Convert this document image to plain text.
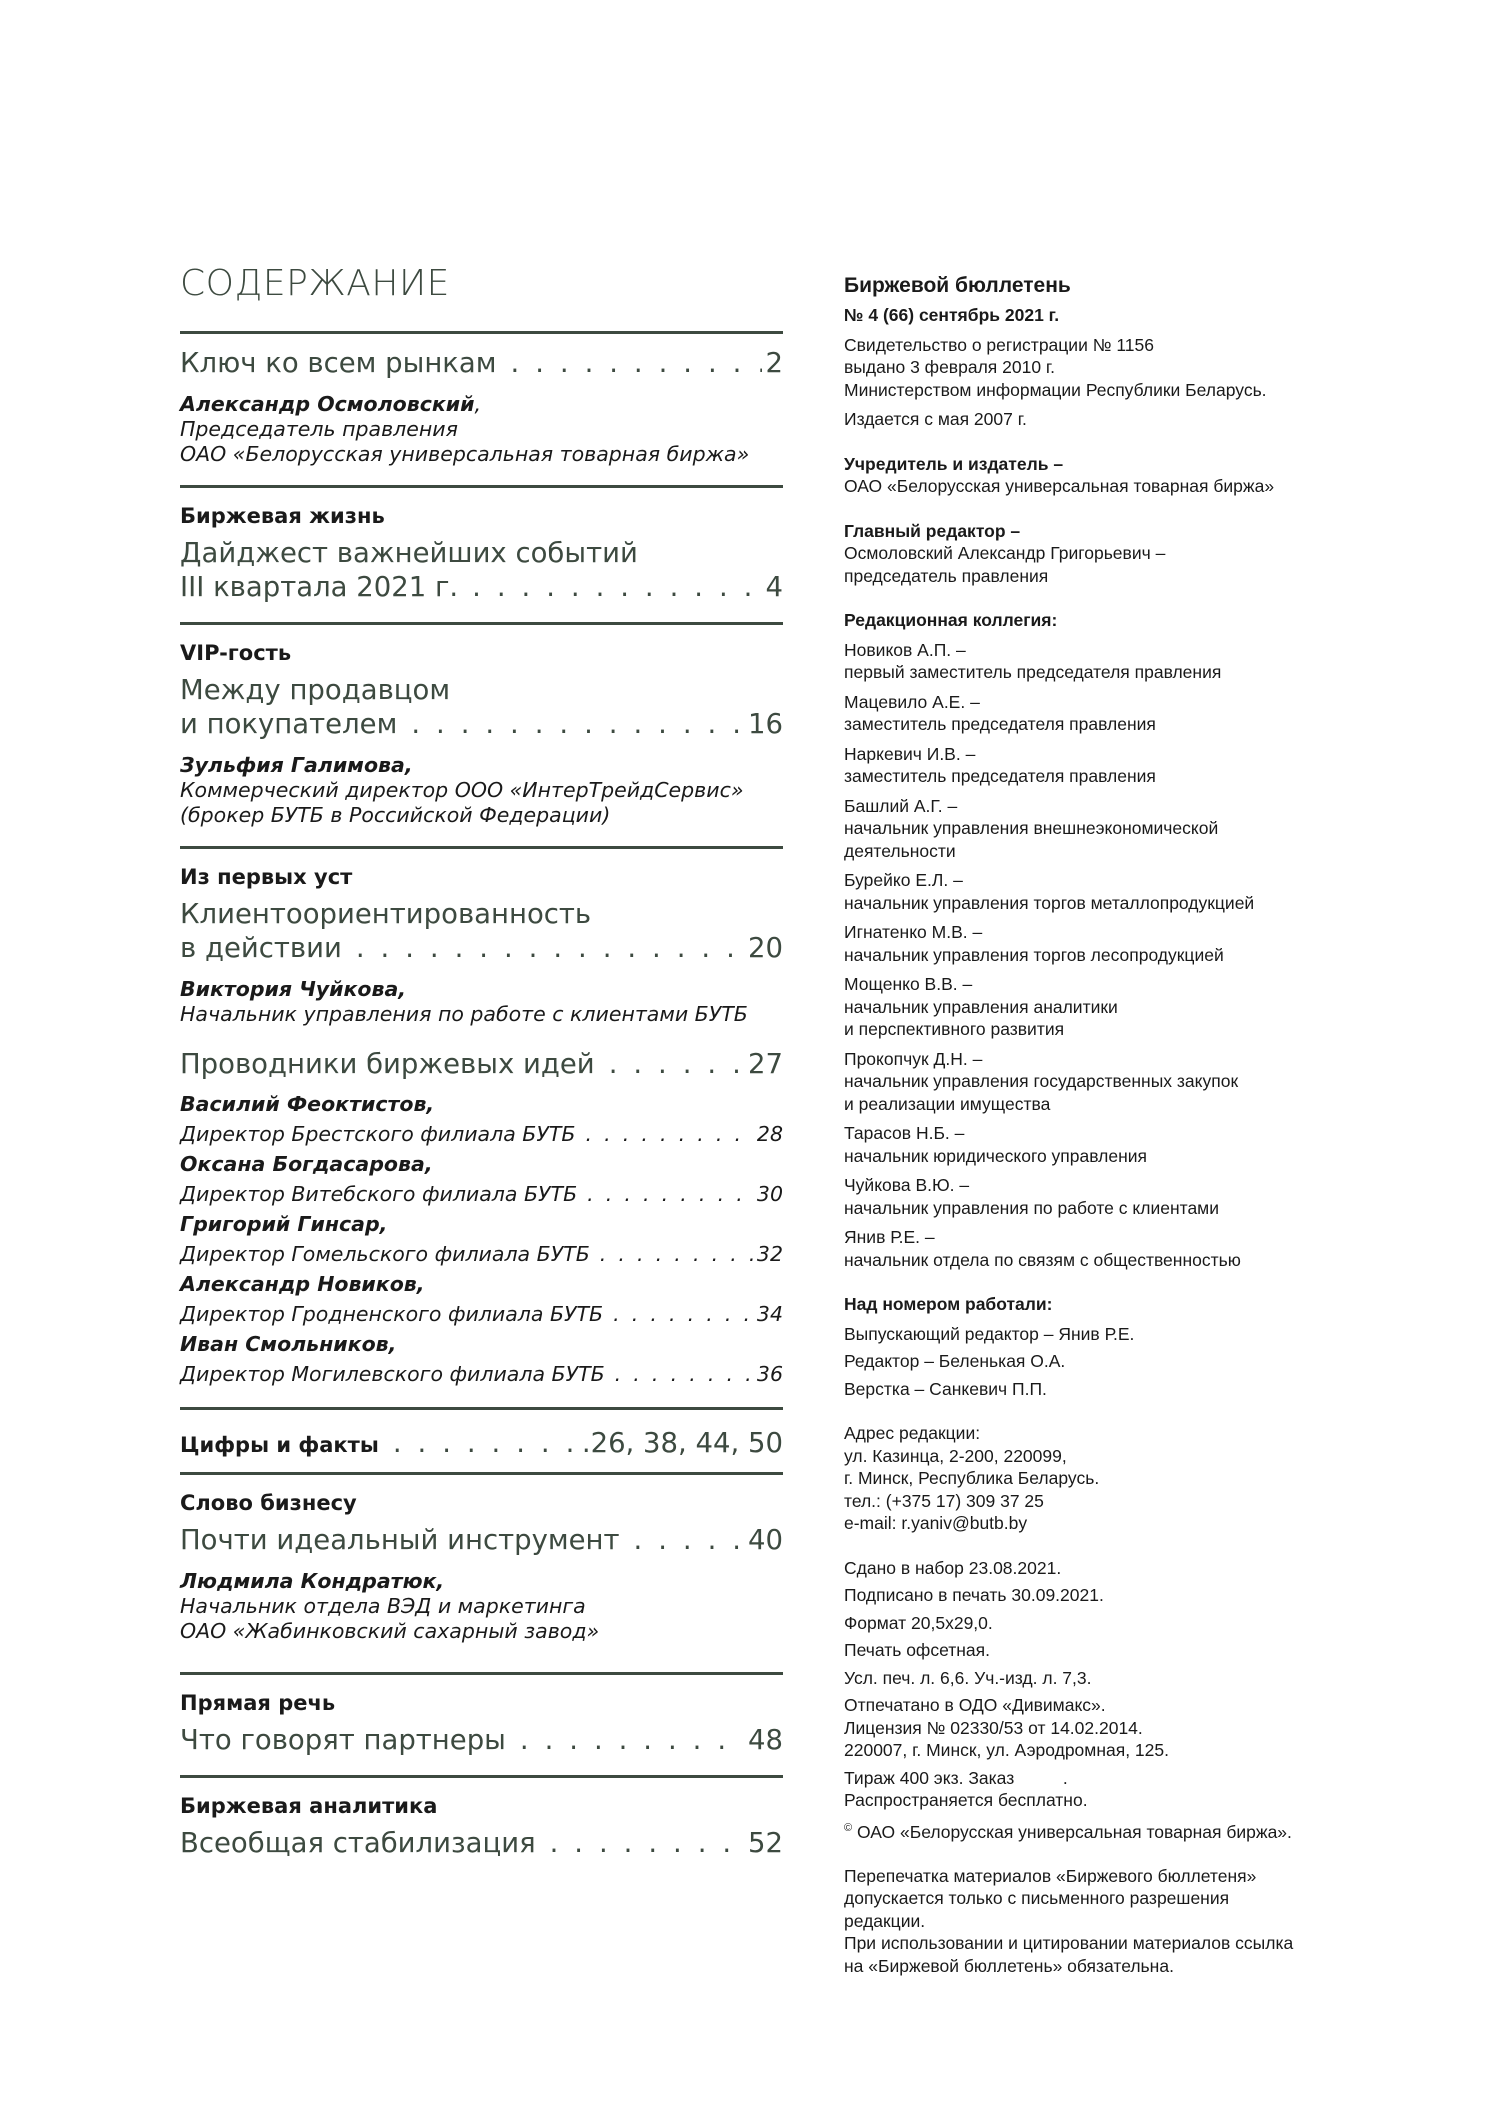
СОДЕРЖАНИЕ
Ключ ко всем рынкам . . .	2
Александр Осмоловский,
Председатель правления
ОАО «Белорусская универсальная товарная биржа»
Биржевая жизнь
Дайджест важнейших событий
III квартала 2021 г. . . .	4
VIP-гость
Между продавцом
и покупателем . . .	16
Зульфия Галимова,
Коммерческий директор ООО «ИнтерТрейдСервис»
(брокер БУТБ в Российской Федерации)
Из первых уст
Клиентоориентированность
в действии . . .	20
Виктория Чуйкова,
Начальник управления по работе с клиентами БУТБ
Проводники биржевых идей . . .	27
Василий Феоктистов,
Директор Брестского филиала БУТБ . . .	28
Оксана Богдасарова,
Директор Витебского филиала БУТБ . . .	30
Григорий Гинсар,
Директор Гомельского филиала БУТБ . . .	32
Александр Новиков,
Директор Гродненского филиала БУТБ . . .	34
Иван Смольников,
Директор Могилевского филиала БУТБ . . .	36
Цифры и факты . . .	.26, 38, 44, 50
Слово бизнесу
Почти идеальный инструмент . . .	40
Людмила Кондратюк,
Начальник отдела ВЭД и маркетинга
ОАО «Жабинковский сахарный завод»
Прямая речь
Что говорят партнеры . . .	48
Биржевая аналитика
Всеобщая стабилизация . . .	52

Биржевой бюллетень

№ 4 (66) сентябрь 2021 г.

Свидетельство о регистрации № 1156

выдано 3 февраля 2010 г.

Министерством информации Республики Беларусь.

Издается с мая 2007 г.

Учредитель и издатель –

ОАО «Белорусская универсальная товарная биржа»

Главный редактор –

Осмоловский Александр Григорьевич –

председатель правления

Редакционная коллегия:

Новиков А.П. –

первый заместитель председателя правления

Мацевило А.Е. –

заместитель председателя правления

Наркевич И.В. –

заместитель председателя правления

Башлий А.Г. –

начальник управления внешнеэкономической

деятельности

Бурейко Е.Л. –

начальник управления торгов металлопродукцией

Игнатенко М.В. –

начальник управления торгов лесопродукцией

Мощенко В.В. –

начальник управления аналитики

и перспективного развития

Прокопчук Д.Н. –

начальник управления государственных закупок

и реализации имущества

Тарасов Н.Б. –

начальник юридического управления

Чуйкова В.Ю. –

начальник управления по работе с клиентами

Янив Р.Е. –

начальник отдела по связям с общественностью

Над номером работали:

Выпускающий редактор – Янив Р.Е.

Редактор – Беленькая О.А.

Верстка – Санкевич П.П.

Адрес редакции:

ул. Казинца, 2-200, 220099,

г. Минск, Республика Беларусь.

тел.: (+375 17) 309 37 25

e-mail: r.yaniv@butb.by

Сдано в набор 23.08.2021.

Подписано в печать 30.09.2021.

Формат 20,5х29,0.

Печать офсетная.

Усл. печ. л. 6,6. Уч.-изд. л. 7,3.

Отпечатано в ОДО «Дивимакс».

Лицензия № 02330/53 от 14.02.2014.

220007, г. Минск, ул. Аэродромная, 125.

Тираж 400 экз. Заказ          .

Распространяется бесплатно.

© ОАО «Белорусская универсальная товарная биржа».

Перепечатка материалов «Биржевого бюллетеня»

допускается только с письменного разрешения редакции.

При использовании и цитировании материалов ссылка

на «Биржевой бюллетень» обязательна.
